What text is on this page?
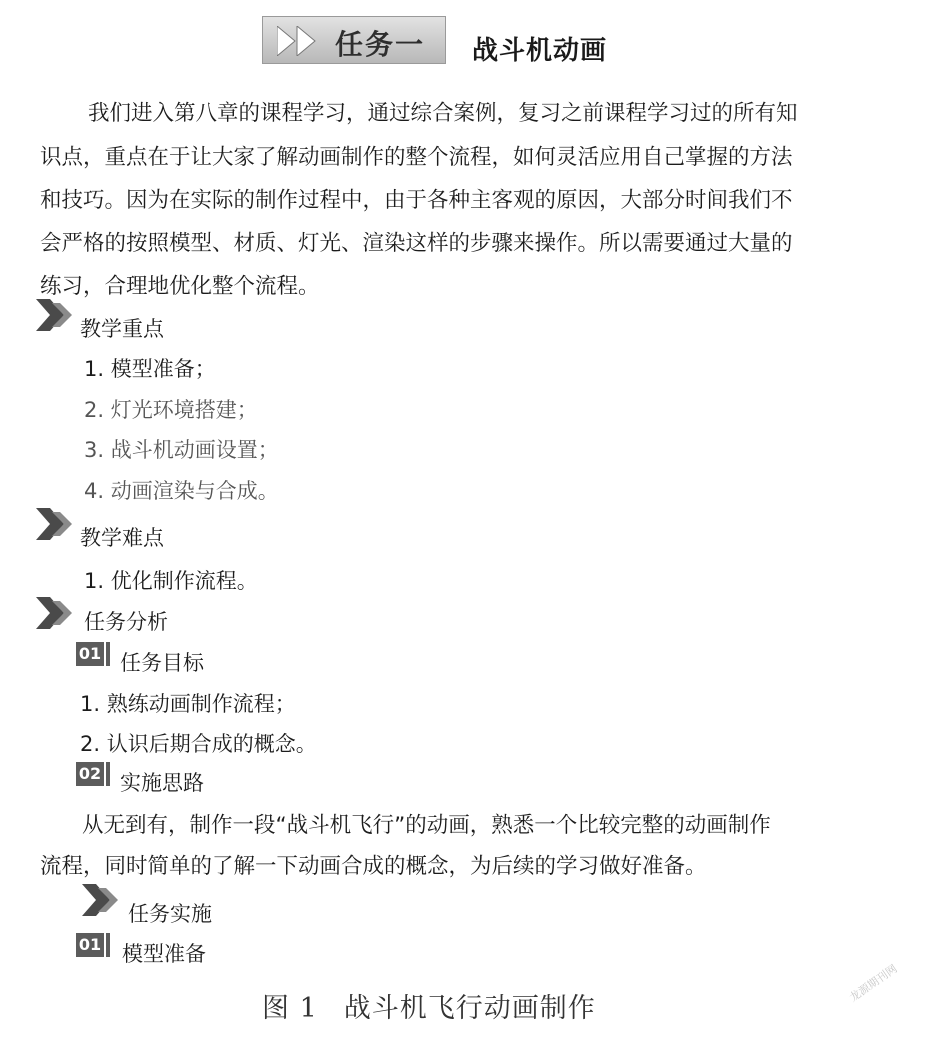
任务一 战斗机动画
我们进入第八章的课程学习，通过综合案例，复习之前课程学习过的所有知
识点，重点在于让大家了解动画制作的整个流程，如何灵活应用自己掌握的方法
和技巧。因为在实际的制作过程中，由于各种主客观的原因，大部分时间我们不
会严格的按照模型、材质、灯光、渲染这样的步骤来操作。所以需要通过大量的
练习，合理地优化整个流程。
教学重点
1. 模型准备；
2. 灯光环境搭建；
3. 战斗机动画设置；
4. 动画渲染与合成。
教学难点
1. 优化制作流程。
任务分析
01 任务目标
1. 熟练动画制作流程；
2. 认识后期合成的概念。
02 实施思路
从无到有，制作一段“战斗机飞行”的动画，熟悉一个比较完整的动画制作
流程，同时简单的了解一下动画合成的概念，为后续的学习做好准备。
任务实施
01 模型准备
图 1 战斗机飞行动画制作
龙源期刊网
